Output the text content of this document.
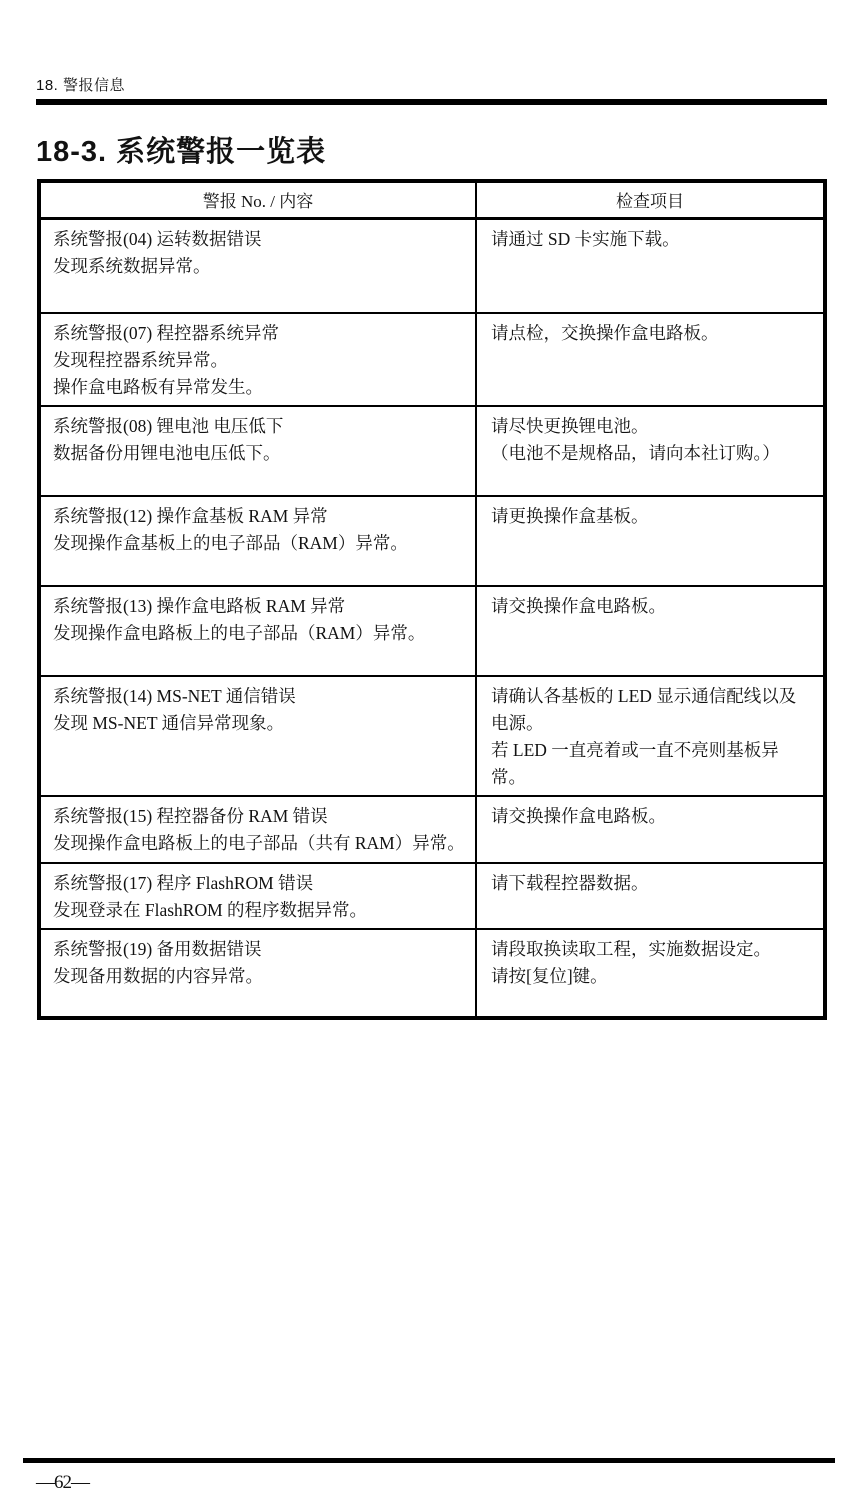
18. 警报信息
18-3. 系统警报一览表
警报 No. / 内容	检查项目
系统警报(04) 运转数据错误
发现系统数据异常。
请通过 SD 卡实施下载。
系统警报(07) 程控器系统异常
发现程控器系统异常。
操作盒电路板有异常发生。
请点检，交换操作盒电路板。
系统警报(08) 锂电池 电压低下
数据备份用锂电池电压低下。
请尽快更换锂电池。
（电池不是规格品，请向本社订购。）
系统警报(12) 操作盒基板 RAM 异常
发现操作盒基板上的电子部品（RAM）异常。
请更换操作盒基板。
系统警报(13) 操作盒电路板 RAM 异常
发现操作盒电路板上的电子部品（RAM）异常。
请交换操作盒电路板。
系统警报(14) MS-NET 通信错误
发现 MS-NET 通信异常现象。
请确认各基板的 LED 显示通信配线以及电源。
若 LED 一直亮着或一直不亮则基板异常。
系统警报(15) 程控器备份 RAM 错误
发现操作盒电路板上的电子部品（共有 RAM）异常。
请交换操作盒电路板。
系统警报(17) 程序 FlashROM 错误
发现登录在 FlashROM 的程序数据异常。
请下载程控器数据。
系统警报(19) 备用数据错误
发现备用数据的内容异常。
请段取换读取工程，实施数据设定。
请按[复位]键。
—62—
